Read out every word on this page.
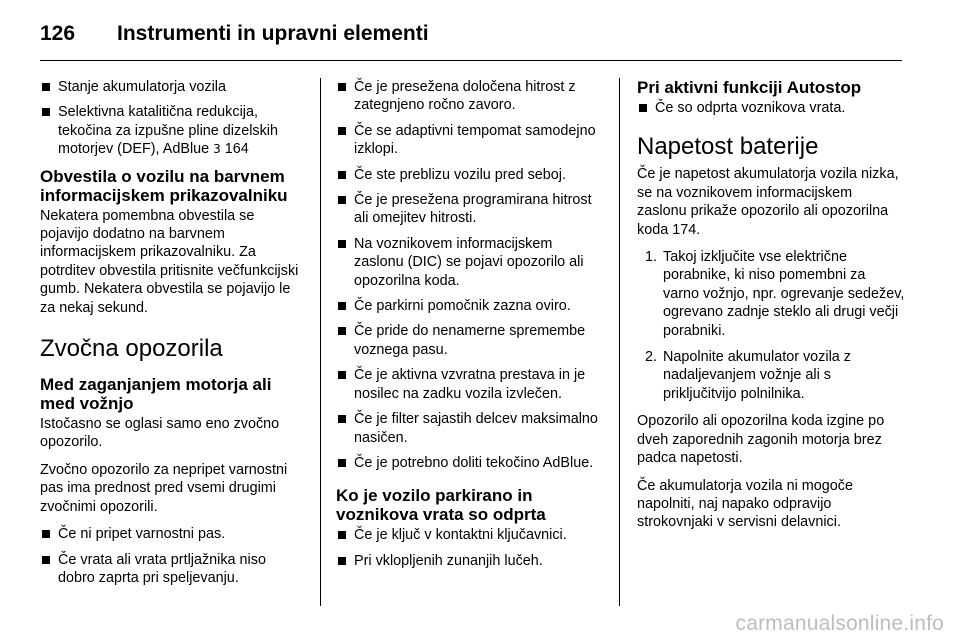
126 Instrumenti in upravni elementi
Stanje akumulatorja vozila
Selektivna katalitična redukcija, tekočina za izpušne pline dizelskih motorjev (DEF), AdBlue 3 164
Obvestila o vozilu na barvnem informacijskem prikazovalniku

Nekatera pomembna obvestila se pojavijo dodatno na barvnem informacijskem prikazovalniku. Za potrditev obvestila pritisnite večfunkcijski gumb. Nekatera obvestila se pojavijo le za nekaj sekund.

Zvočna opozorila
Med zaganjanjem motorja ali med vožnjo

Istočasno se oglasi samo eno zvočno opozorilo.

Zvočno opozorilo za nepripet varnostni pas ima prednost pred vsemi drugimi zvočnimi opozorili.

Če ni pripet varnostni pas.
Če vrata ali vrata prtljažnika niso dobro zaprta pri speljevanju.
Če je presežena določena hitrost z zategnjeno ročno zavoro.
Če se adaptivni tempomat samodejno izklopi.
Če ste preblizu vozilu pred seboj.
Če je presežena programirana hitrost ali omejitev hitrosti.
Na voznikovem informacijskem zaslonu (DIC) se pojavi opozorilo ali opozorilna koda.
Če parkirni pomočnik zazna oviro.
Če pride do nenamerne spremembe voznega pasu.
Če je aktivna vzvratna prestava in je nosilec na zadku vozila izvlečen.
Če je filter sajastih delcev maksimalno nasičen.
Če je potrebno doliti tekočino AdBlue.
Ko je vozilo parkirano in voznikova vrata so odprta
Če je ključ v kontaktni ključavnici.
Pri vklopljenih zunanjih lučeh.
Pri aktivni funkciji Autostop
Če so odprta voznikova vrata.
Napetost baterije

Če je napetost akumulatorja vozila nizka, se na voznikovem informacijskem zaslonu prikaže opozorilo ali opozorilna koda 174.

1. Takoj izključite vse električne porabnike, ki niso pomembni za varno vožnjo, npr. ogrevanje sedežev, ogrevano zadnje steklo ali drugi večji porabniki.
2. Napolnite akumulator vozila z nadaljevanjem vožnje ali s priključitvijo polnilnika.

Opozorilo ali opozorilna koda izgine po dveh zaporednih zagonih motorja brez padca napetosti.

Če akumulatorja vozila ni mogoče napolniti, naj napako odpravijo strokovnjaki v servisni delavnici.

carmanualsonline.info
